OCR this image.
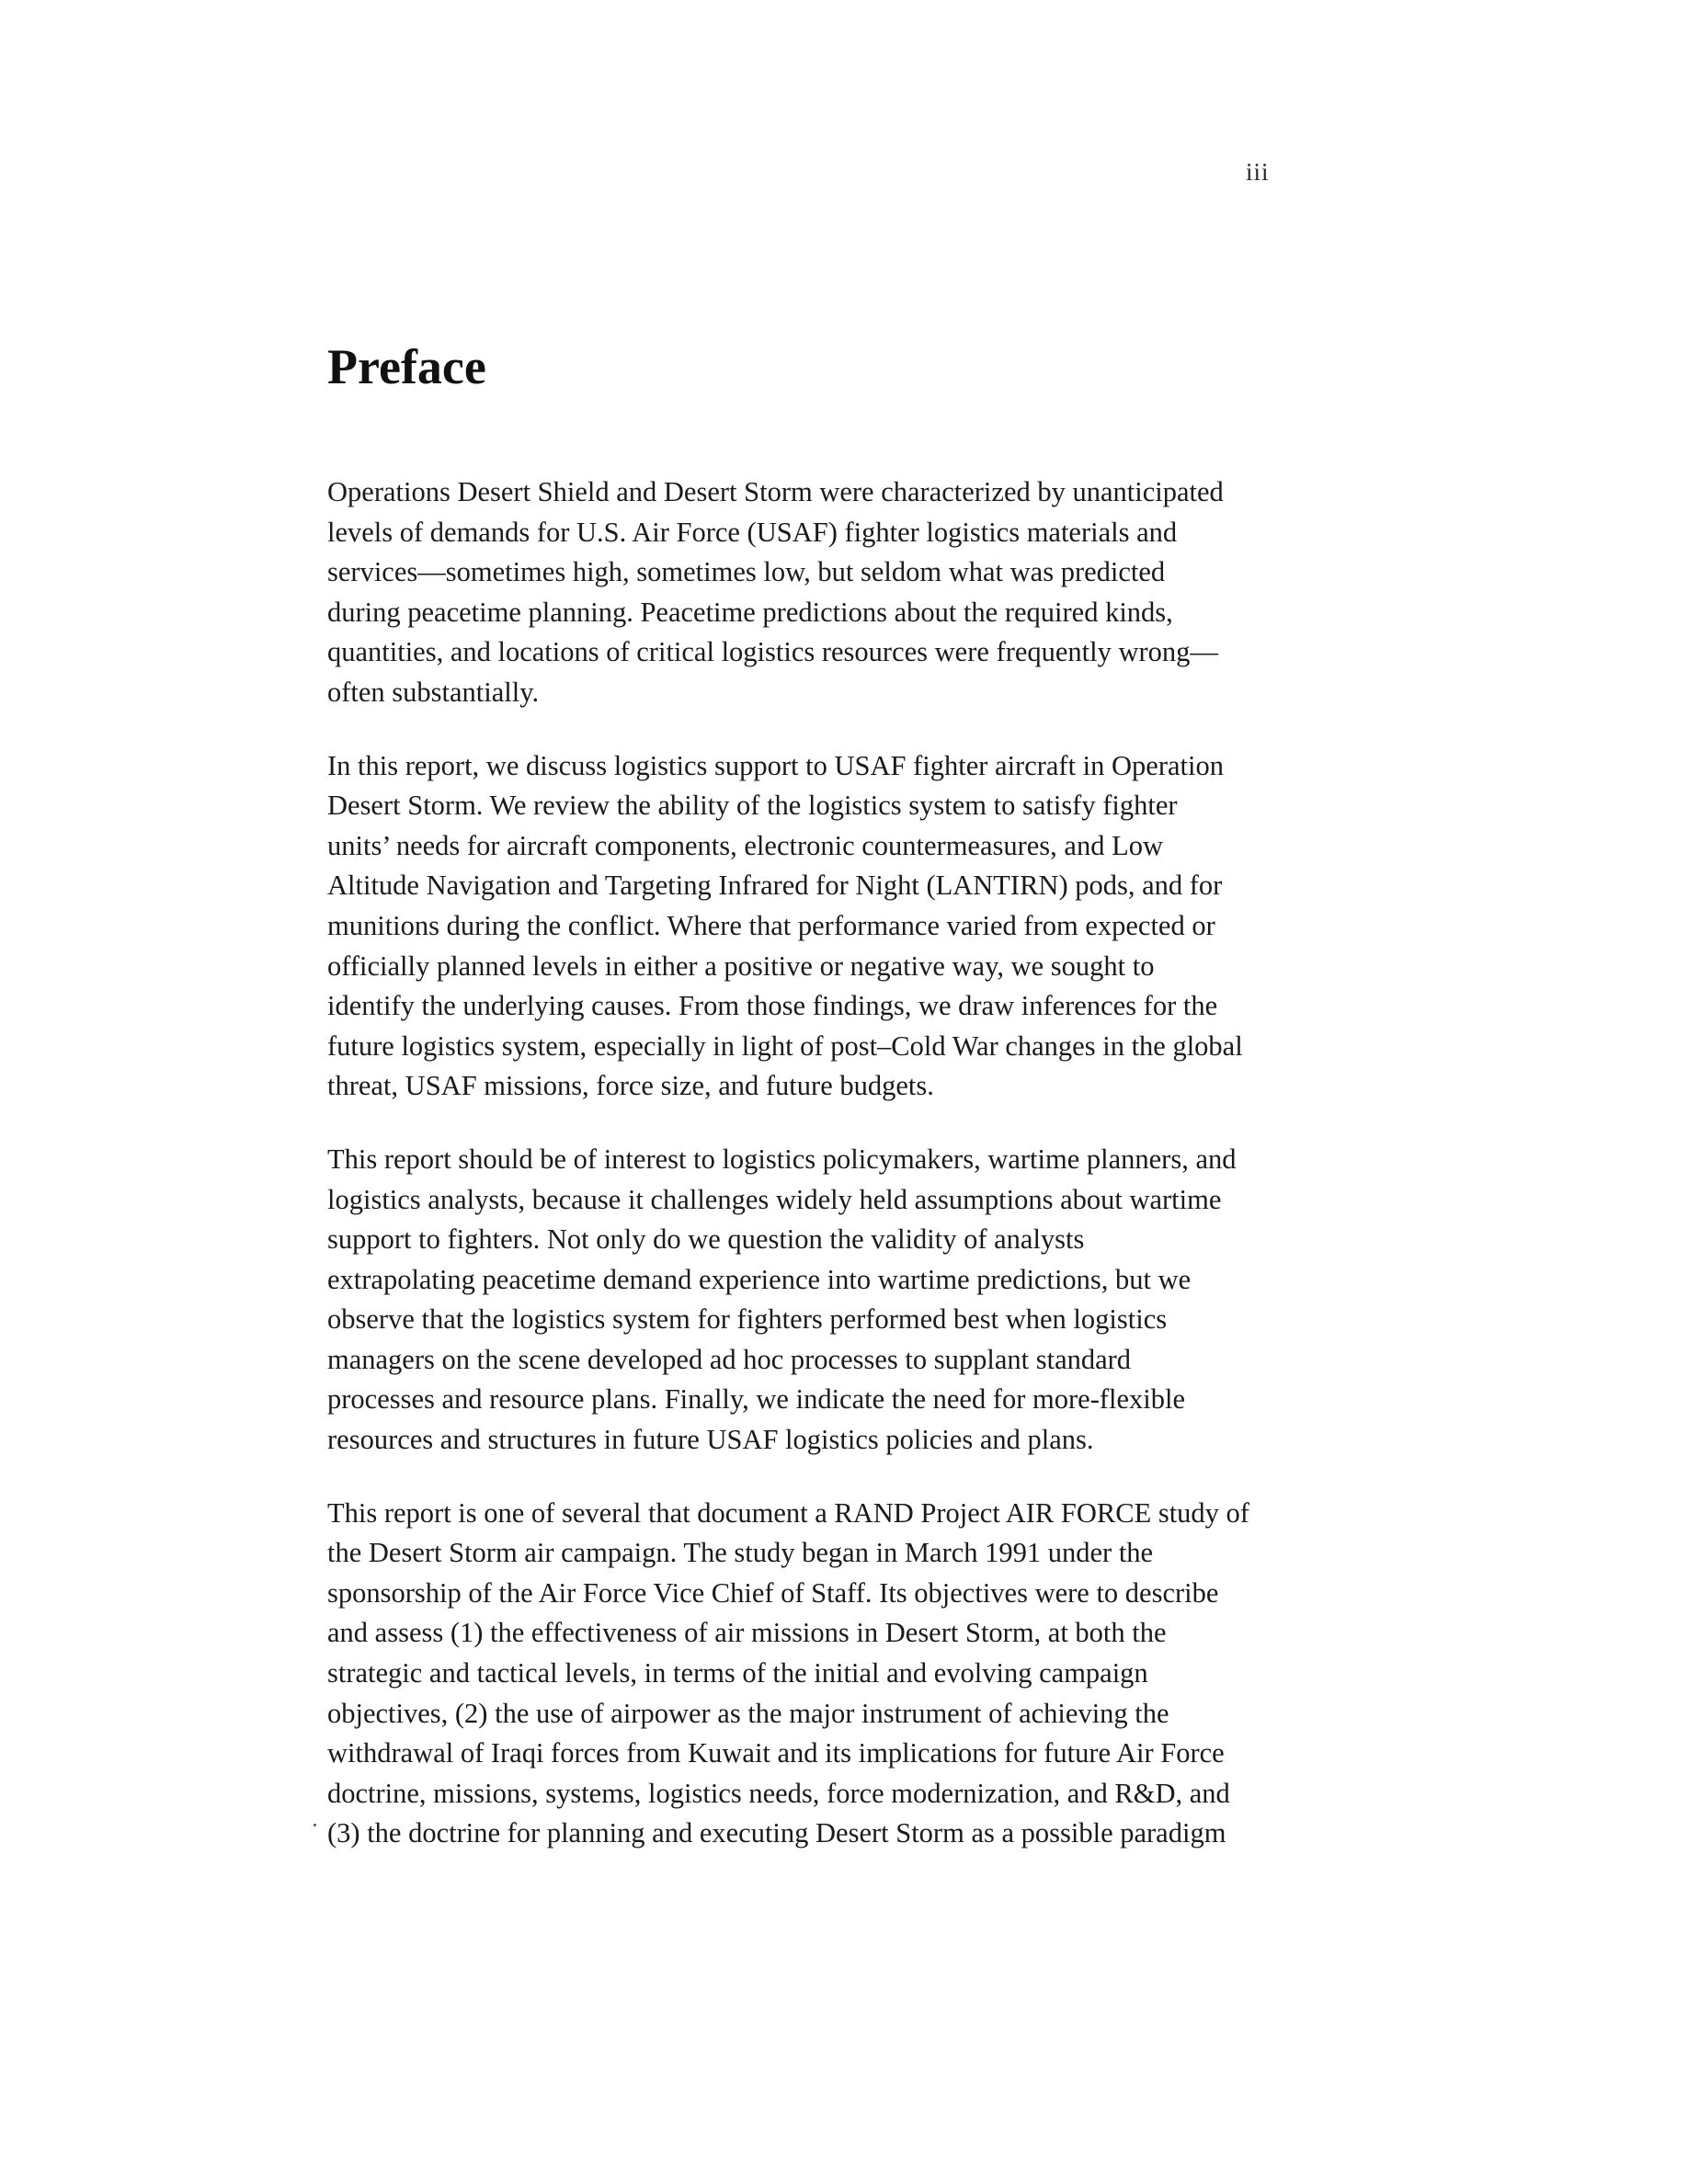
iii
Preface

Operations Desert Shield and Desert Storm were characterized by unanticipated
levels of demands for U.S. Air Force (USAF) fighter logistics materials and
services—sometimes high, sometimes low, but seldom what was predicted
during peacetime planning. Peacetime predictions about the required kinds,
quantities, and locations of critical logistics resources were frequently wrong—
often substantially.

In this report, we discuss logistics support to USAF fighter aircraft in Operation
Desert Storm. We review the ability of the logistics system to satisfy fighter
units’ needs for aircraft components, electronic countermeasures, and Low
Altitude Navigation and Targeting Infrared for Night (LANTIRN) pods, and for
munitions during the conflict. Where that performance varied from expected or
officially planned levels in either a positive or negative way, we sought to
identify the underlying causes. From those findings, we draw inferences for the
future logistics system, especially in light of post–Cold War changes in the global
threat, USAF missions, force size, and future budgets.

This report should be of interest to logistics policymakers, wartime planners, and
logistics analysts, because it challenges widely held assumptions about wartime
support to fighters. Not only do we question the validity of analysts
extrapolating peacetime demand experience into wartime predictions, but we
observe that the logistics system for fighters performed best when logistics
managers on the scene developed ad hoc processes to supplant standard
processes and resource plans. Finally, we indicate the need for more-flexible
resources and structures in future USAF logistics policies and plans.

This report is one of several that document a RAND Project AIR FORCE study of
the Desert Storm air campaign. The study began in March 1991 under the
sponsorship of the Air Force Vice Chief of Staff. Its objectives were to describe
and assess (1) the effectiveness of air missions in Desert Storm, at both the
strategic and tactical levels, in terms of the initial and evolving campaign
objectives, (2) the use of airpower as the major instrument of achieving the
withdrawal of Iraqi forces from Kuwait and its implications for future Air Force
doctrine, missions, systems, logistics needs, force modernization, and R&D, and
(3) the doctrine for planning and executing Desert Storm as a possible paradigm
